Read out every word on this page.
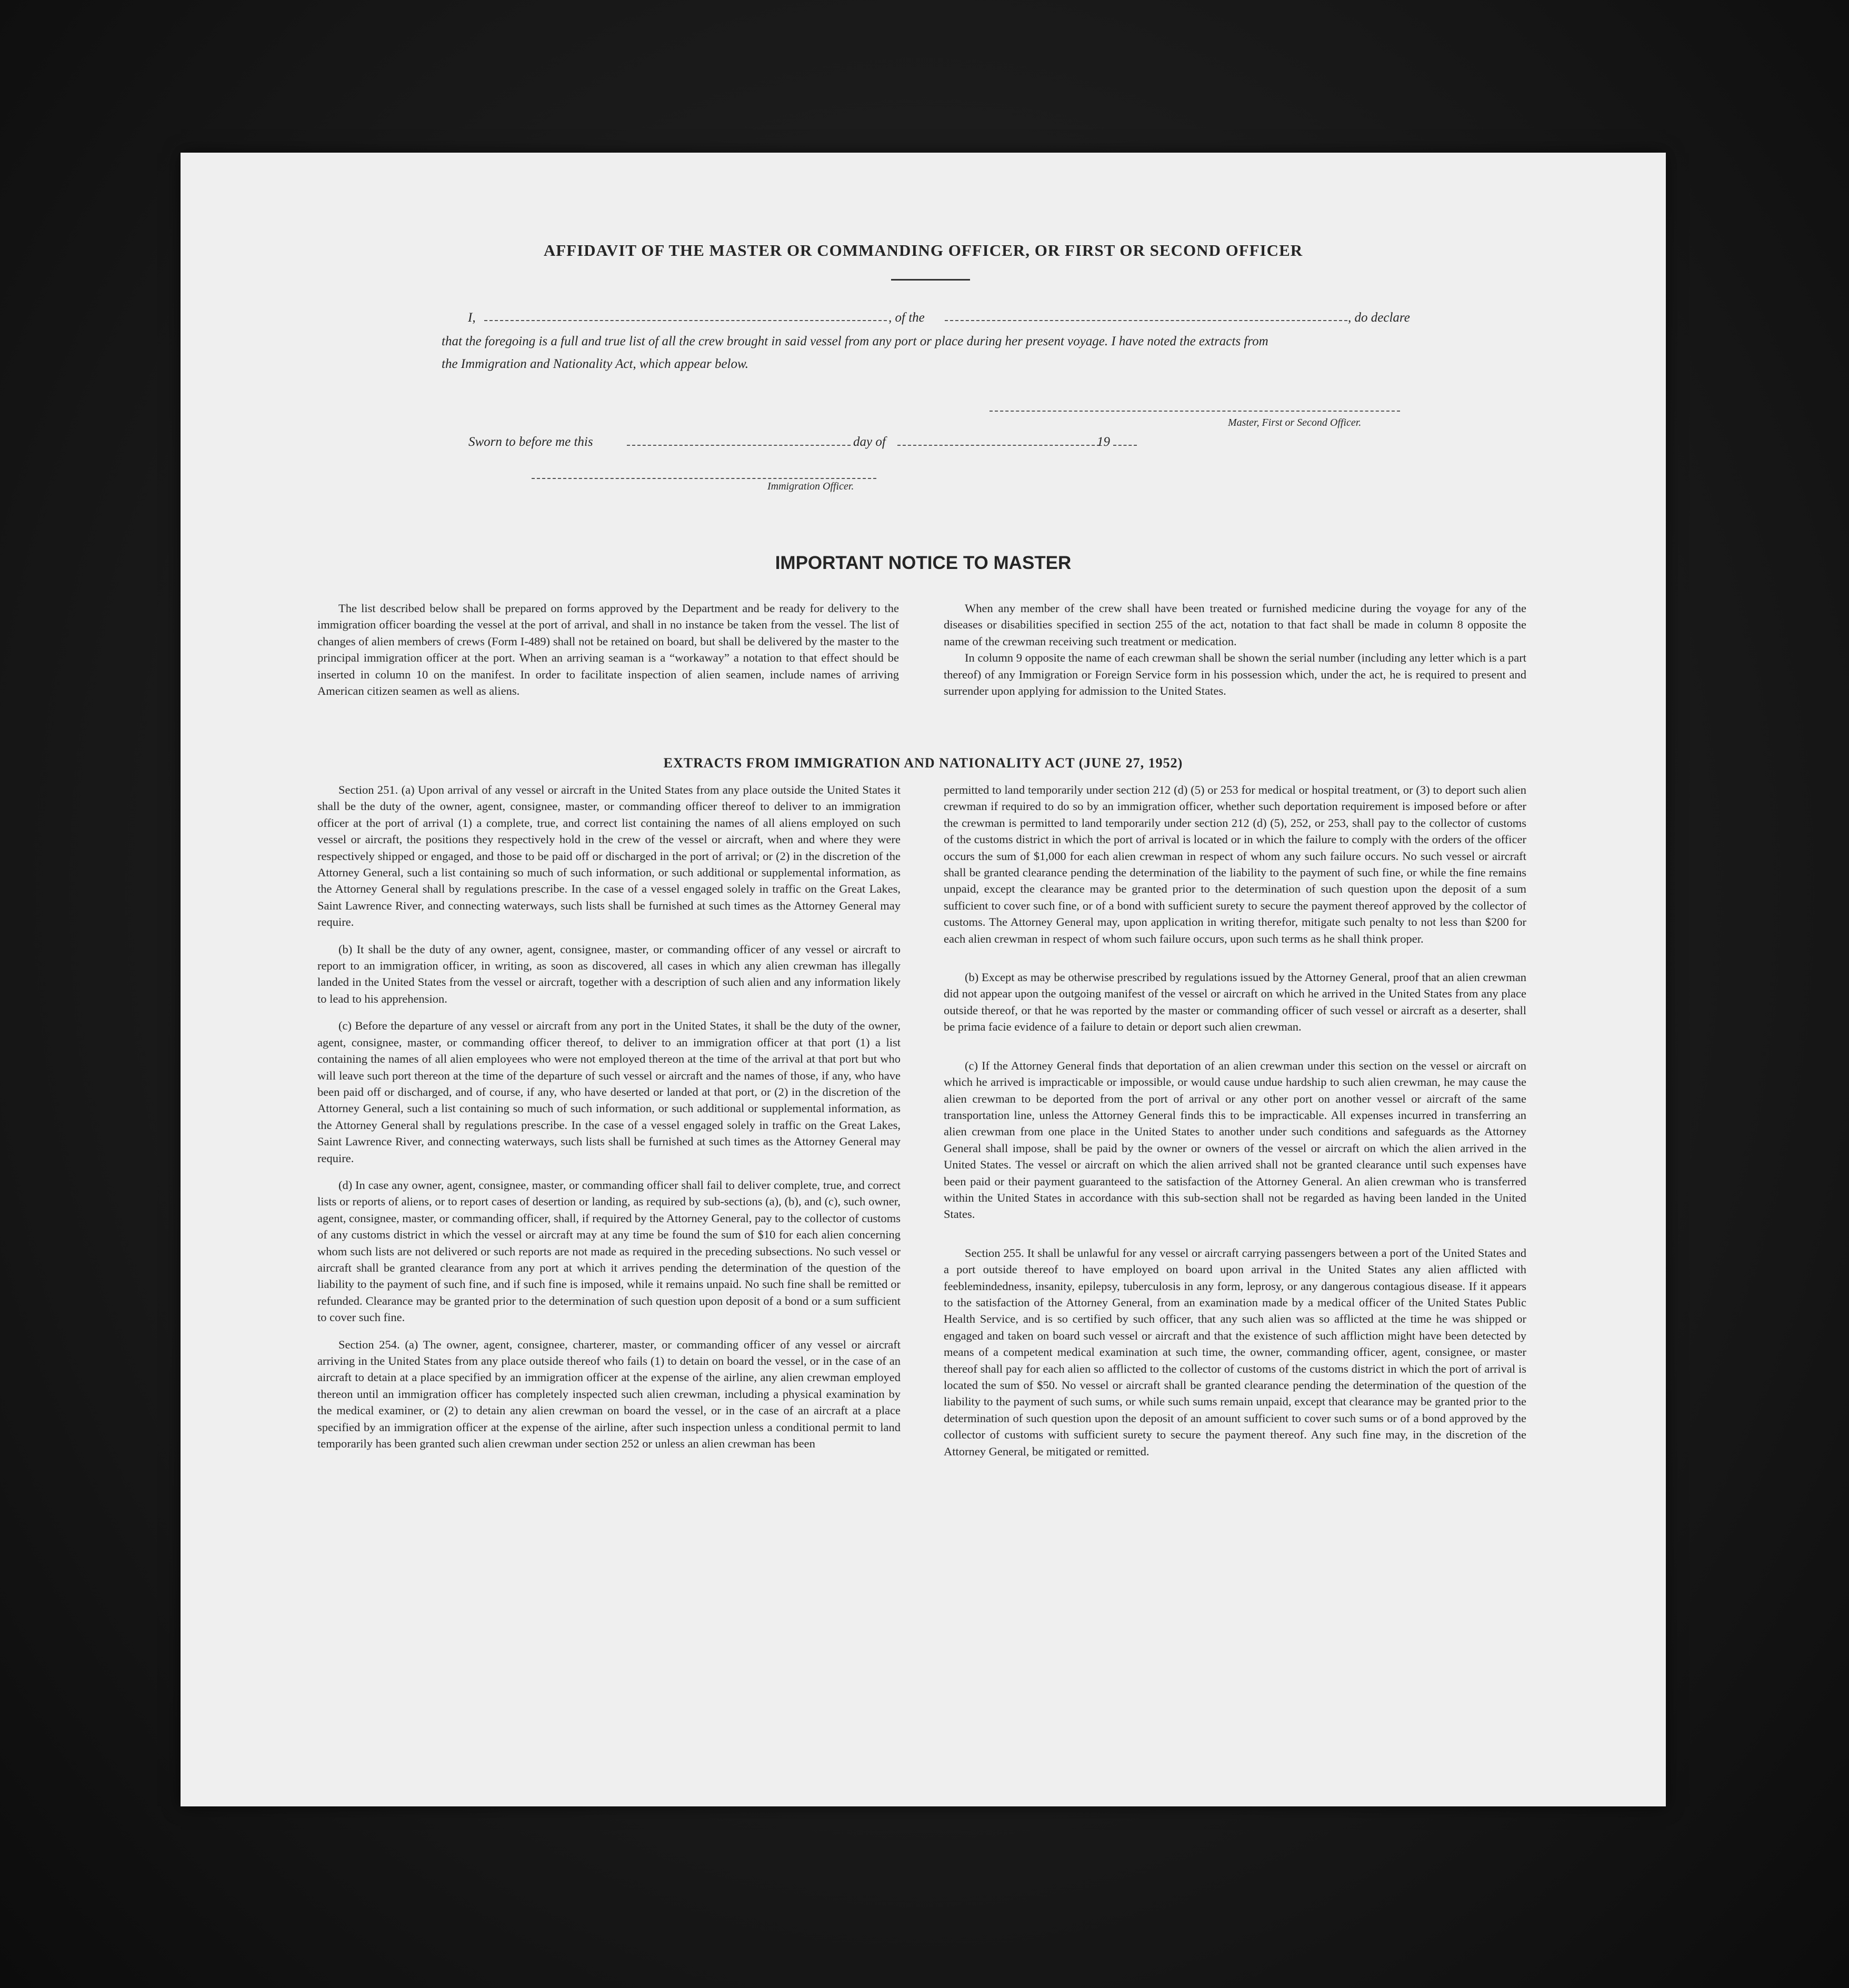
AFFIDAVIT OF THE MASTER OR COMMANDING OFFICER, OR FIRST OR SECOND OFFICER
I,	, of the	, do declare
that the foregoing is a full and true list of all the crew brought in said vessel from any port or place during her present voyage. I have noted the extracts from
the Immigration and Nationality Act, which appear below.
Master, First or Second Officer.
Sworn to before me this	day of	19
Immigration Officer.
IMPORTANT NOTICE TO MASTER

The list described below shall be prepared on forms approved by the Department and be ready for delivery to the immigration officer boarding the vessel at the port of arrival, and shall in no instance be taken from the vessel. The list of changes of alien members of crews (Form I-489) shall not be retained on board, but shall be delivered by the master to the principal immigration officer at the port. When an arriving seaman is a “workaway” a notation to that effect should be inserted in column 10 on the manifest. In order to facilitate inspection of alien seamen, include names of arriving American citizen seamen as well as aliens.

When any member of the crew shall have been treated or furnished medicine during the voyage for any of the diseases or disabilities specified in section 255 of the act, notation to that fact shall be made in column 8 opposite the name of the crewman receiving such treatment or medication.

In column 9 opposite the name of each crewman shall be shown the serial number (including any letter which is a part thereof) of any Immigration or Foreign Service form in his possession which, under the act, he is required to present and surrender upon applying for admission to the United States.

EXTRACTS FROM IMMIGRATION AND NATIONALITY ACT (JUNE 27, 1952)

Section 251. (a) Upon arrival of any vessel or aircraft in the United States from any place outside the United States it shall be the duty of the owner, agent, consignee, master, or commanding officer thereof to deliver to an immigration officer at the port of arrival (1) a complete, true, and correct list containing the names of all aliens employed on such vessel or aircraft, the positions they respectively hold in the crew of the vessel or aircraft, when and where they were respectively shipped or engaged, and those to be paid off or discharged in the port of arrival; or (2) in the discretion of the Attorney General, such a list containing so much of such information, or such additional or supplemental information, as the Attorney General shall by regulations prescribe. In the case of a vessel engaged solely in traffic on the Great Lakes, Saint Lawrence River, and connecting waterways, such lists shall be furnished at such times as the Attorney General may require.

(b) It shall be the duty of any owner, agent, consignee, master, or commanding officer of any vessel or aircraft to report to an immigration officer, in writing, as soon as discovered, all cases in which any alien crewman has illegally landed in the United States from the vessel or aircraft, together with a description of such alien and any information likely to lead to his apprehension.

(c) Before the departure of any vessel or aircraft from any port in the United States, it shall be the duty of the owner, agent, consignee, master, or commanding officer thereof, to deliver to an immigration officer at that port (1) a list containing the names of all alien employees who were not employed thereon at the time of the arrival at that port but who will leave such port thereon at the time of the departure of such vessel or aircraft and the names of those, if any, who have been paid off or discharged, and of course, if any, who have deserted or landed at that port, or (2) in the discretion of the Attorney General, such a list containing so much of such information, or such additional or supplemental information, as the Attorney General shall by regulations prescribe. In the case of a vessel engaged solely in traffic on the Great Lakes, Saint Lawrence River, and connecting waterways, such lists shall be furnished at such times as the Attorney General may require.

(d) In case any owner, agent, consignee, master, or commanding officer shall fail to deliver complete, true, and correct lists or reports of aliens, or to report cases of desertion or landing, as required by sub-sections (a), (b), and (c), such owner, agent, consignee, master, or commanding officer, shall, if required by the Attorney General, pay to the collector of customs of any customs district in which the vessel or aircraft may at any time be found the sum of $10 for each alien concerning whom such lists are not delivered or such reports are not made as required in the preceding subsections. No such vessel or aircraft shall be granted clearance from any port at which it arrives pending the determination of the question of the liability to the payment of such fine, and if such fine is imposed, while it remains unpaid. No such fine shall be remitted or refunded. Clearance may be granted prior to the determination of such question upon deposit of a bond or a sum sufficient to cover such fine.

Section 254. (a) The owner, agent, consignee, charterer, master, or commanding officer of any vessel or aircraft arriving in the United States from any place outside thereof who fails (1) to detain on board the vessel, or in the case of an aircraft to detain at a place specified by an immigration officer at the expense of the airline, any alien crewman employed thereon until an immigration officer has completely inspected such alien crewman, including a physical examination by the medical examiner, or (2) to detain any alien crewman on board the vessel, or in the case of an aircraft at a place specified by an immigration officer at the expense of the airline, after such inspection unless a conditional permit to land temporarily has been granted such alien crewman under section 252 or unless an alien crewman has been

permitted to land temporarily under section 212 (d) (5) or 253 for medical or hospital treatment, or (3) to deport such alien crewman if required to do so by an immigration officer, whether such deportation requirement is imposed before or after the crewman is permitted to land temporarily under section 212 (d) (5), 252, or 253, shall pay to the collector of customs of the customs district in which the port of arrival is located or in which the failure to comply with the orders of the officer occurs the sum of $1,000 for each alien crewman in respect of whom any such failure occurs. No such vessel or aircraft shall be granted clearance pending the determination of the liability to the payment of such fine, or while the fine remains unpaid, except the clearance may be granted prior to the determination of such question upon the deposit of a sum sufficient to cover such fine, or of a bond with sufficient surety to secure the payment thereof approved by the collector of customs. The Attorney General may, upon application in writing therefor, mitigate such penalty to not less than $200 for each alien crewman in respect of whom such failure occurs, upon such terms as he shall think proper.

(b) Except as may be otherwise prescribed by regulations issued by the Attorney General, proof that an alien crewman did not appear upon the outgoing manifest of the vessel or aircraft on which he arrived in the United States from any place outside thereof, or that he was reported by the master or commanding officer of such vessel or aircraft as a deserter, shall be prima facie evidence of a failure to detain or deport such alien crewman.

(c) If the Attorney General finds that deportation of an alien crewman under this section on the vessel or aircraft on which he arrived is impracticable or impossible, or would cause undue hardship to such alien crewman, he may cause the alien crewman to be deported from the port of arrival or any other port on another vessel or aircraft of the same transportation line, unless the Attorney General finds this to be impracticable. All expenses incurred in transferring an alien crewman from one place in the United States to another under such conditions and safeguards as the Attorney General shall impose, shall be paid by the owner or owners of the vessel or aircraft on which the alien arrived in the United States. The vessel or aircraft on which the alien arrived shall not be granted clearance until such expenses have been paid or their payment guaranteed to the satisfaction of the Attorney General. An alien crewman who is transferred within the United States in accordance with this sub-section shall not be regarded as having been landed in the United States.

Section 255. It shall be unlawful for any vessel or aircraft carrying passengers between a port of the United States and a port outside thereof to have employed on board upon arrival in the United States any alien afflicted with feeblemindedness, insanity, epilepsy, tuberculosis in any form, leprosy, or any dangerous contagious disease. If it appears to the satisfaction of the Attorney General, from an examination made by a medical officer of the United States Public Health Service, and is so certified by such officer, that any such alien was so afflicted at the time he was shipped or engaged and taken on board such vessel or aircraft and that the existence of such affliction might have been detected by means of a competent medical examination at such time, the owner, commanding officer, agent, consignee, or master thereof shall pay for each alien so afflicted to the collector of customs of the customs district in which the port of arrival is located the sum of $50. No vessel or aircraft shall be granted clearance pending the determination of the question of the liability to the payment of such sums, or while such sums remain unpaid, except that clearance may be granted prior to the determination of such question upon the deposit of an amount sufficient to cover such sums or of a bond approved by the collector of customs with sufficient surety to secure the payment thereof. Any such fine may, in the discretion of the Attorney General, be mitigated or remitted.
